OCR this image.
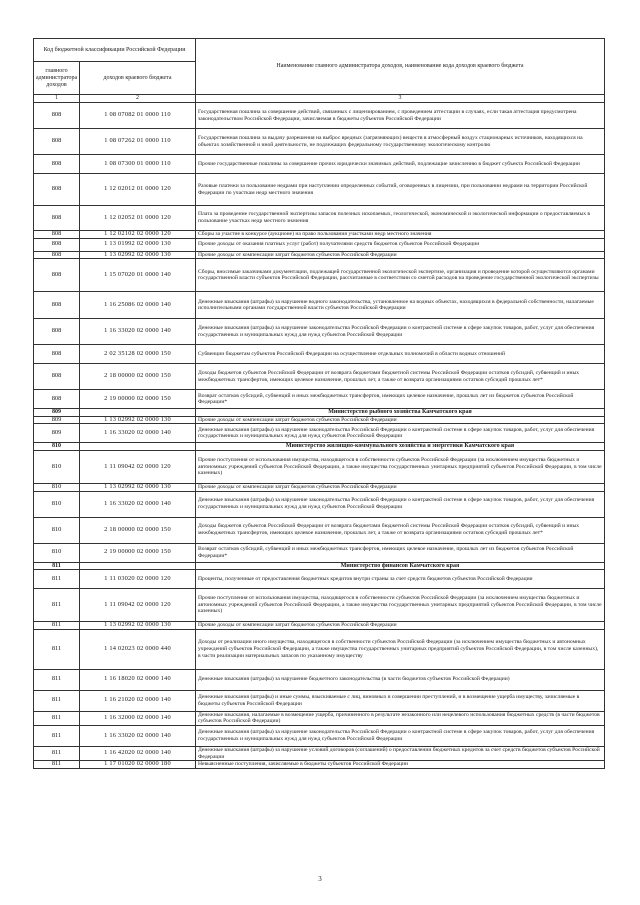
Код бюджетной классификации Российской Федерации		Наименование главного администратора доходов, наименование кода доходов краевого бюджета
главного администратора доходов	доходов краевого бюджета	
1	2	3
808	1 08 07082 01 0000 110	Государственная пошлина за совершение действий, связанных с лицензированием, с проведением аттестации в случаях, если такая аттестация предусмотрена законодательством Российской Федерации, зачисляемая в бюджеты субъектов Российской Федерации
808	1 08 07262 01 0000 110	Государственная пошлина за выдачу разрешения на выброс вредных (загрязняющих) веществ в атмосферный воздух стационарных источников, находящихся на объектах хозяйственной и иной деятельности, не подлежащих федеральному государственному экологическому контролю
808	1 08 07300 01 0000 110	Прочие государственные пошлины за совершение прочих юридически значимых действий, подлежащие зачислению в бюджет субъекта Российской Федерации
808	1 12 02012 01 0000 120	Разовые платежи за пользование недрами при наступлении определенных событий, оговоренных в лицензии, при пользовании недрами на территории Российской Федерации по участкам недр местного значения
808	1 12 02052 01 0000 120	Плата за проведение государственной экспертизы запасов полезных ископаемых, геологической, экономической и экологической информации о предоставляемых в пользование участках недр местного значения
808	1 12 02102 02 0000 120	Сборы за участие в конкурсе (аукционе) на право пользования участками недр местного значения
808	1 13 01992 02 0000 130	Прочие доходы от оказания платных услуг (работ) получателями средств бюджетов субъектов Российской Федерации
808	1 13 02992 02 0000 130	Прочие доходы от компенсации затрат бюджетов субъектов Российской Федерации
808	1 15 07020 01 0000 140	Сборы, вносимые заказчиками документации, подлежащей государственной экологической экспертизе, организация и проведение которой осуществляются органами государственной власти субъектов Российской Федерации, рассчитанные в соответствии со сметой расходов на проведение государственной экологической экспертизы
808	1 16 25086 02 0000 140	Денежные взыскания (штрафы) за нарушение водного законодательства, установленное на водных объектах, находящихся в федеральной собственности, налагаемые исполнительными органами государственной власти субъектов Российской Федерации
808	1 16 33020 02 0000 140	Денежные взыскания (штрафы) за нарушение законодательства Российской Федерации о контрактной системе в сфере закупок товаров, работ, услуг для обеспечения государственных и муниципальных нужд для нужд субъектов Российской Федерации
808	2 02 35128 02 0000 150	Субвенции бюджетам субъектов Российской Федерации на осуществление отдельных полномочий в области водных отношений
808	2 18 00000 02 0000 150	Доходы бюджетов субъектов Российской Федерации от возврата бюджетами бюджетной системы Российской Федерации остатков субсидий, субвенций и иных межбюджетных трансфертов, имеющих целевое назначение, прошлых лет, а также от возврата организациями остатков субсидий прошлых лет*
808	2 19 00000 02 0000 150	Возврат остатков субсидий, субвенций и иных межбюджетных трансфертов, имеющих целевое назначение, прошлых лет из бюджетов субъектов Российской Федерации*
809		Министерство рыбного хозяйства Камчатского края
809	1 13 02992 02 0000 130	Прочие доходы от компенсации затрат бюджетов субъектов Российской Федерации
809	1 16 33020 02 0000 140	Денежные взыскания (штрафы) за нарушение законодательства Российской Федерации о контрактной системе в сфере закупок товаров, работ, услуг для обеспечения государственных и муниципальных нужд для нужд субъектов Российской Федерации
810		Министерство жилищно-коммунального хозяйства и энергетики Камчатского края
810	1 11 09042 02 0000 120	Прочие поступления от использования имущества, находящегося в собственности субъектов Российской Федерации (за исключением имущества бюджетных и автономных учреждений субъектов Российской Федерации, а также имущества государственных унитарных предприятий субъектов Российской Федерации, в том числе казенных)
810	1 13 02992 02 0000 130	Прочие доходы от компенсации затрат бюджетов субъектов Российской Федерации
810	1 16 33020 02 0000 140	Денежные взыскания (штрафы) за нарушение законодательства Российской Федерации о контрактной системе в сфере закупок товаров, работ, услуг для обеспечения государственных и муниципальных нужд для нужд субъектов Российской Федерации
810	2 18 00000 02 0000 150	Доходы бюджетов субъектов Российской Федерации от возврата бюджетами бюджетной системы Российской Федерации остатков субсидий, субвенций и иных межбюджетных трансфертов, имеющих целевое назначение, прошлых лет, а также от возврата организациями остатков субсидий прошлых лет*
810	2 19 00000 02 0000 150	Возврат остатков субсидий, субвенций и иных межбюджетных трансфертов, имеющих целевое назначение, прошлых лет из бюджетов субъектов Российской Федерации*
811		Министерство финансов Камчатского края
811	1 11 03020 02 0000 120	Проценты, полученные от предоставления бюджетных кредитов внутри страны за счет средств бюджетов субъектов Российской Федерации
811	1 11 09042 02 0000 120	Прочие поступления от использования имущества, находящегося в собственности субъектов Российской Федерации (за исключением имущества бюджетных и автономных учреждений субъектов Российской Федерации, а также имущества государственных унитарных предприятий субъектов Российской Федерации, в том числе казенных)
811	1 13 02992 02 0000 130	Прочие доходы от компенсации затрат бюджетов субъектов Российской Федерации
811	1 14 02023 02 0000 440	Доходы от реализации иного имущества, находящегося в собственности субъектов Российской Федерации (за исключением имущества бюджетных и автономных учреждений субъектов Российской Федерации, а также имущества государственных унитарных предприятий субъектов Российской Федерации, в том числе казенных), в части реализации материальных запасов по указанному имуществу
811	1 16 18020 02 0000 140	Денежные взыскания (штрафы) за нарушение бюджетного законодательства (в части бюджетов субъектов Российской Федерации)
811	1 16 21020 02 0000 140	Денежные взыскания (штрафы) и иные суммы, взыскиваемые с лиц, виновных в совершении преступлений, и в возмещение ущерба имуществу, зачисляемые в бюджеты субъектов Российской Федерации
811	1 16 32000 02 0000 140	Денежные взыскания, налагаемые в возмещение ущерба, причиненного в результате незаконного или нецелевого использования бюджетных средств (в части бюджетов субъектов Российской Федерации)
811	1 16 33020 02 0000 140	Денежные взыскания (штрафы) за нарушение законодательства Российской Федерации о контрактной системе в сфере закупок товаров, работ, услуг для обеспечения государственных и муниципальных нужд для нужд субъектов Российской Федерации
811	1 16 42020 02 0000 140	Денежные взыскания (штрафы) за нарушение условий договоров (соглашений) о предоставлении бюджетных кредитов за счет средств бюджетов субъектов Российской Федерации
811	1 17 01020 02 0000 180	Невыясненные поступления, зачисляемые в бюджеты субъектов Российской Федерации
3
